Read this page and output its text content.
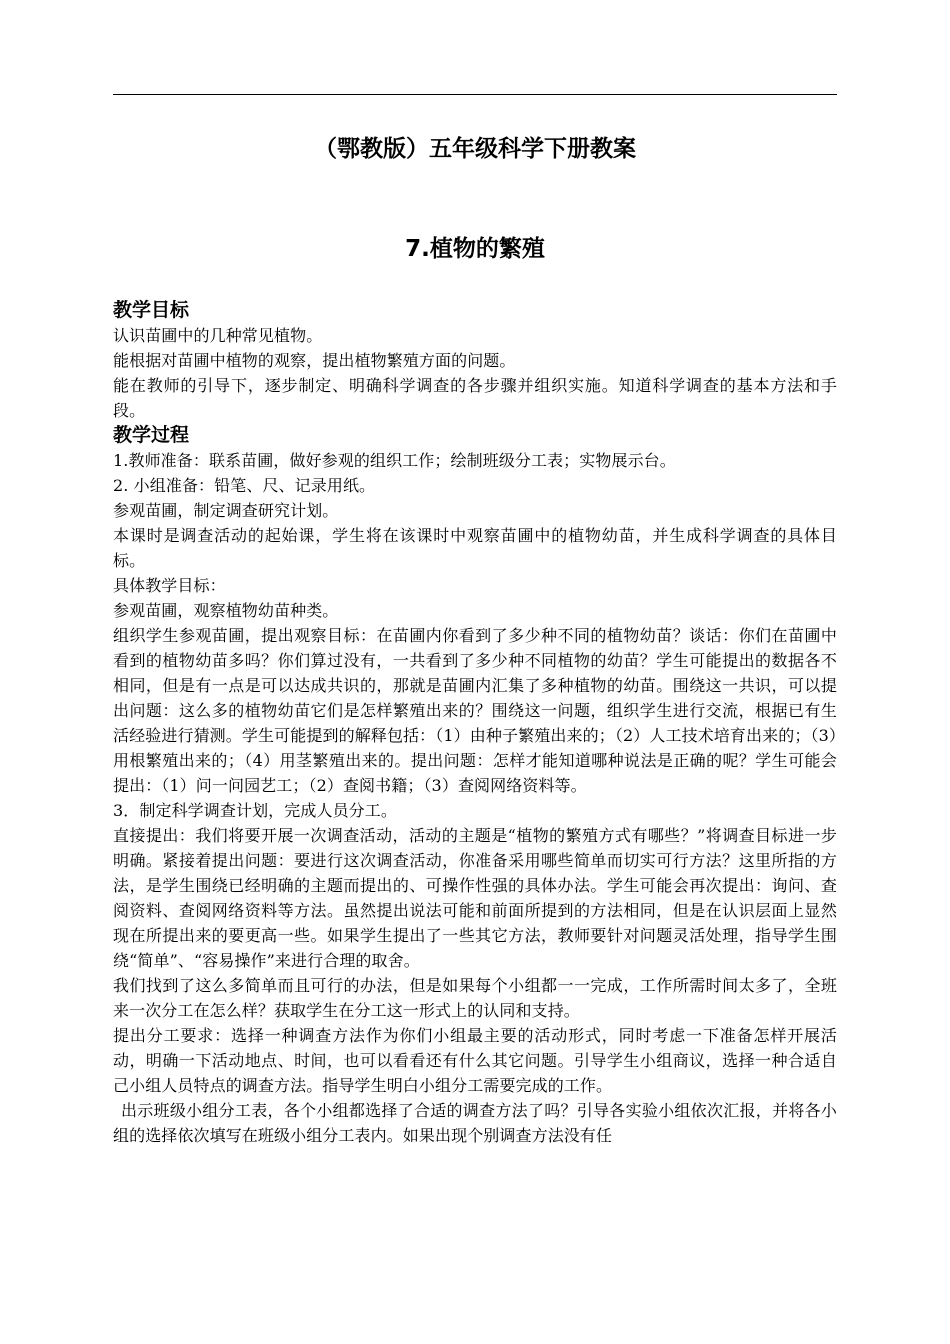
（鄂教版）五年级科学下册教案
7.植物的繁殖
教学目标

认识苗圃中的几种常见植物。

能根据对苗圃中植物的观察，提出植物繁殖方面的问题。

能在教师的引导下，逐步制定、明确科学调查的各步骤并组织实施。知道科学调查的基本方法和手段。

教学过程

1.教师准备：联系苗圃，做好参观的组织工作；绘制班级分工表；实物展示台。

2. 小组准备：铅笔、尺、记录用纸。

参观苗圃，制定调查研究计划。

本课时是调查活动的起始课，学生将在该课时中观察苗圃中的植物幼苗，并生成科学调查的具体目标。

具体教学目标：

参观苗圃，观察植物幼苗种类。

组织学生参观苗圃，提出观察目标：在苗圃内你看到了多少种不同的植物幼苗？谈话：你们在苗圃中看到的植物幼苗多吗？你们算过没有，一共看到了多少种不同植物的幼苗？学生可能提出的数据各不相同，但是有一点是可以达成共识的，那就是苗圃内汇集了多种植物的幼苗。围绕这一共识，可以提出问题：这么多的植物幼苗它们是怎样繁殖出来的？围绕这一问题，组织学生进行交流，根据已有生活经验进行猜测。学生可能提到的解释包括：（1）由种子繁殖出来的；（2）人工技术培育出来的；（3）用根繁殖出来的；（4）用茎繁殖出来的。提出问题：怎样才能知道哪种说法是正确的呢？学生可能会提出：（1）问一问园艺工；（2）查阅书籍；（3）查阅网络资料等。

3．制定科学调查计划，完成人员分工。

直接提出：我们将要开展一次调查活动，活动的主题是“植物的繁殖方式有哪些？”将调查目标进一步明确。紧接着提出问题：要进行这次调查活动，你准备采用哪些简单而切实可行方法？这里所指的方法，是学生围绕已经明确的主题而提出的、可操作性强的具体办法。学生可能会再次提出：询问、查阅资料、查阅网络资料等方法。虽然提出说法可能和前面所提到的方法相同，但是在认识层面上显然现在所提出来的要更高一些。如果学生提出了一些其它方法，教师要针对问题灵活处理，指导学生围绕“简单”、“容易操作”来进行合理的取舍。

我们找到了这么多简单而且可行的办法，但是如果每个小组都一一完成，工作所需时间太多了，全班来一次分工在怎么样？获取学生在分工这一形式上的认同和支持。

提出分工要求：选择一种调查方法作为你们小组最主要的活动形式，同时考虑一下准备怎样开展活动，明确一下活动地点、时间，也可以看看还有什么其它问题。引导学生小组商议，选择一种合适自己小组人员特点的调查方法。指导学生明白小组分工需要完成的工作。

出示班级小组分工表，各个小组都选择了合适的调查方法了吗？引导各实验小组依次汇报，并将各小组的选择依次填写在班级小组分工表内。如果出现个别调查方法没有任
